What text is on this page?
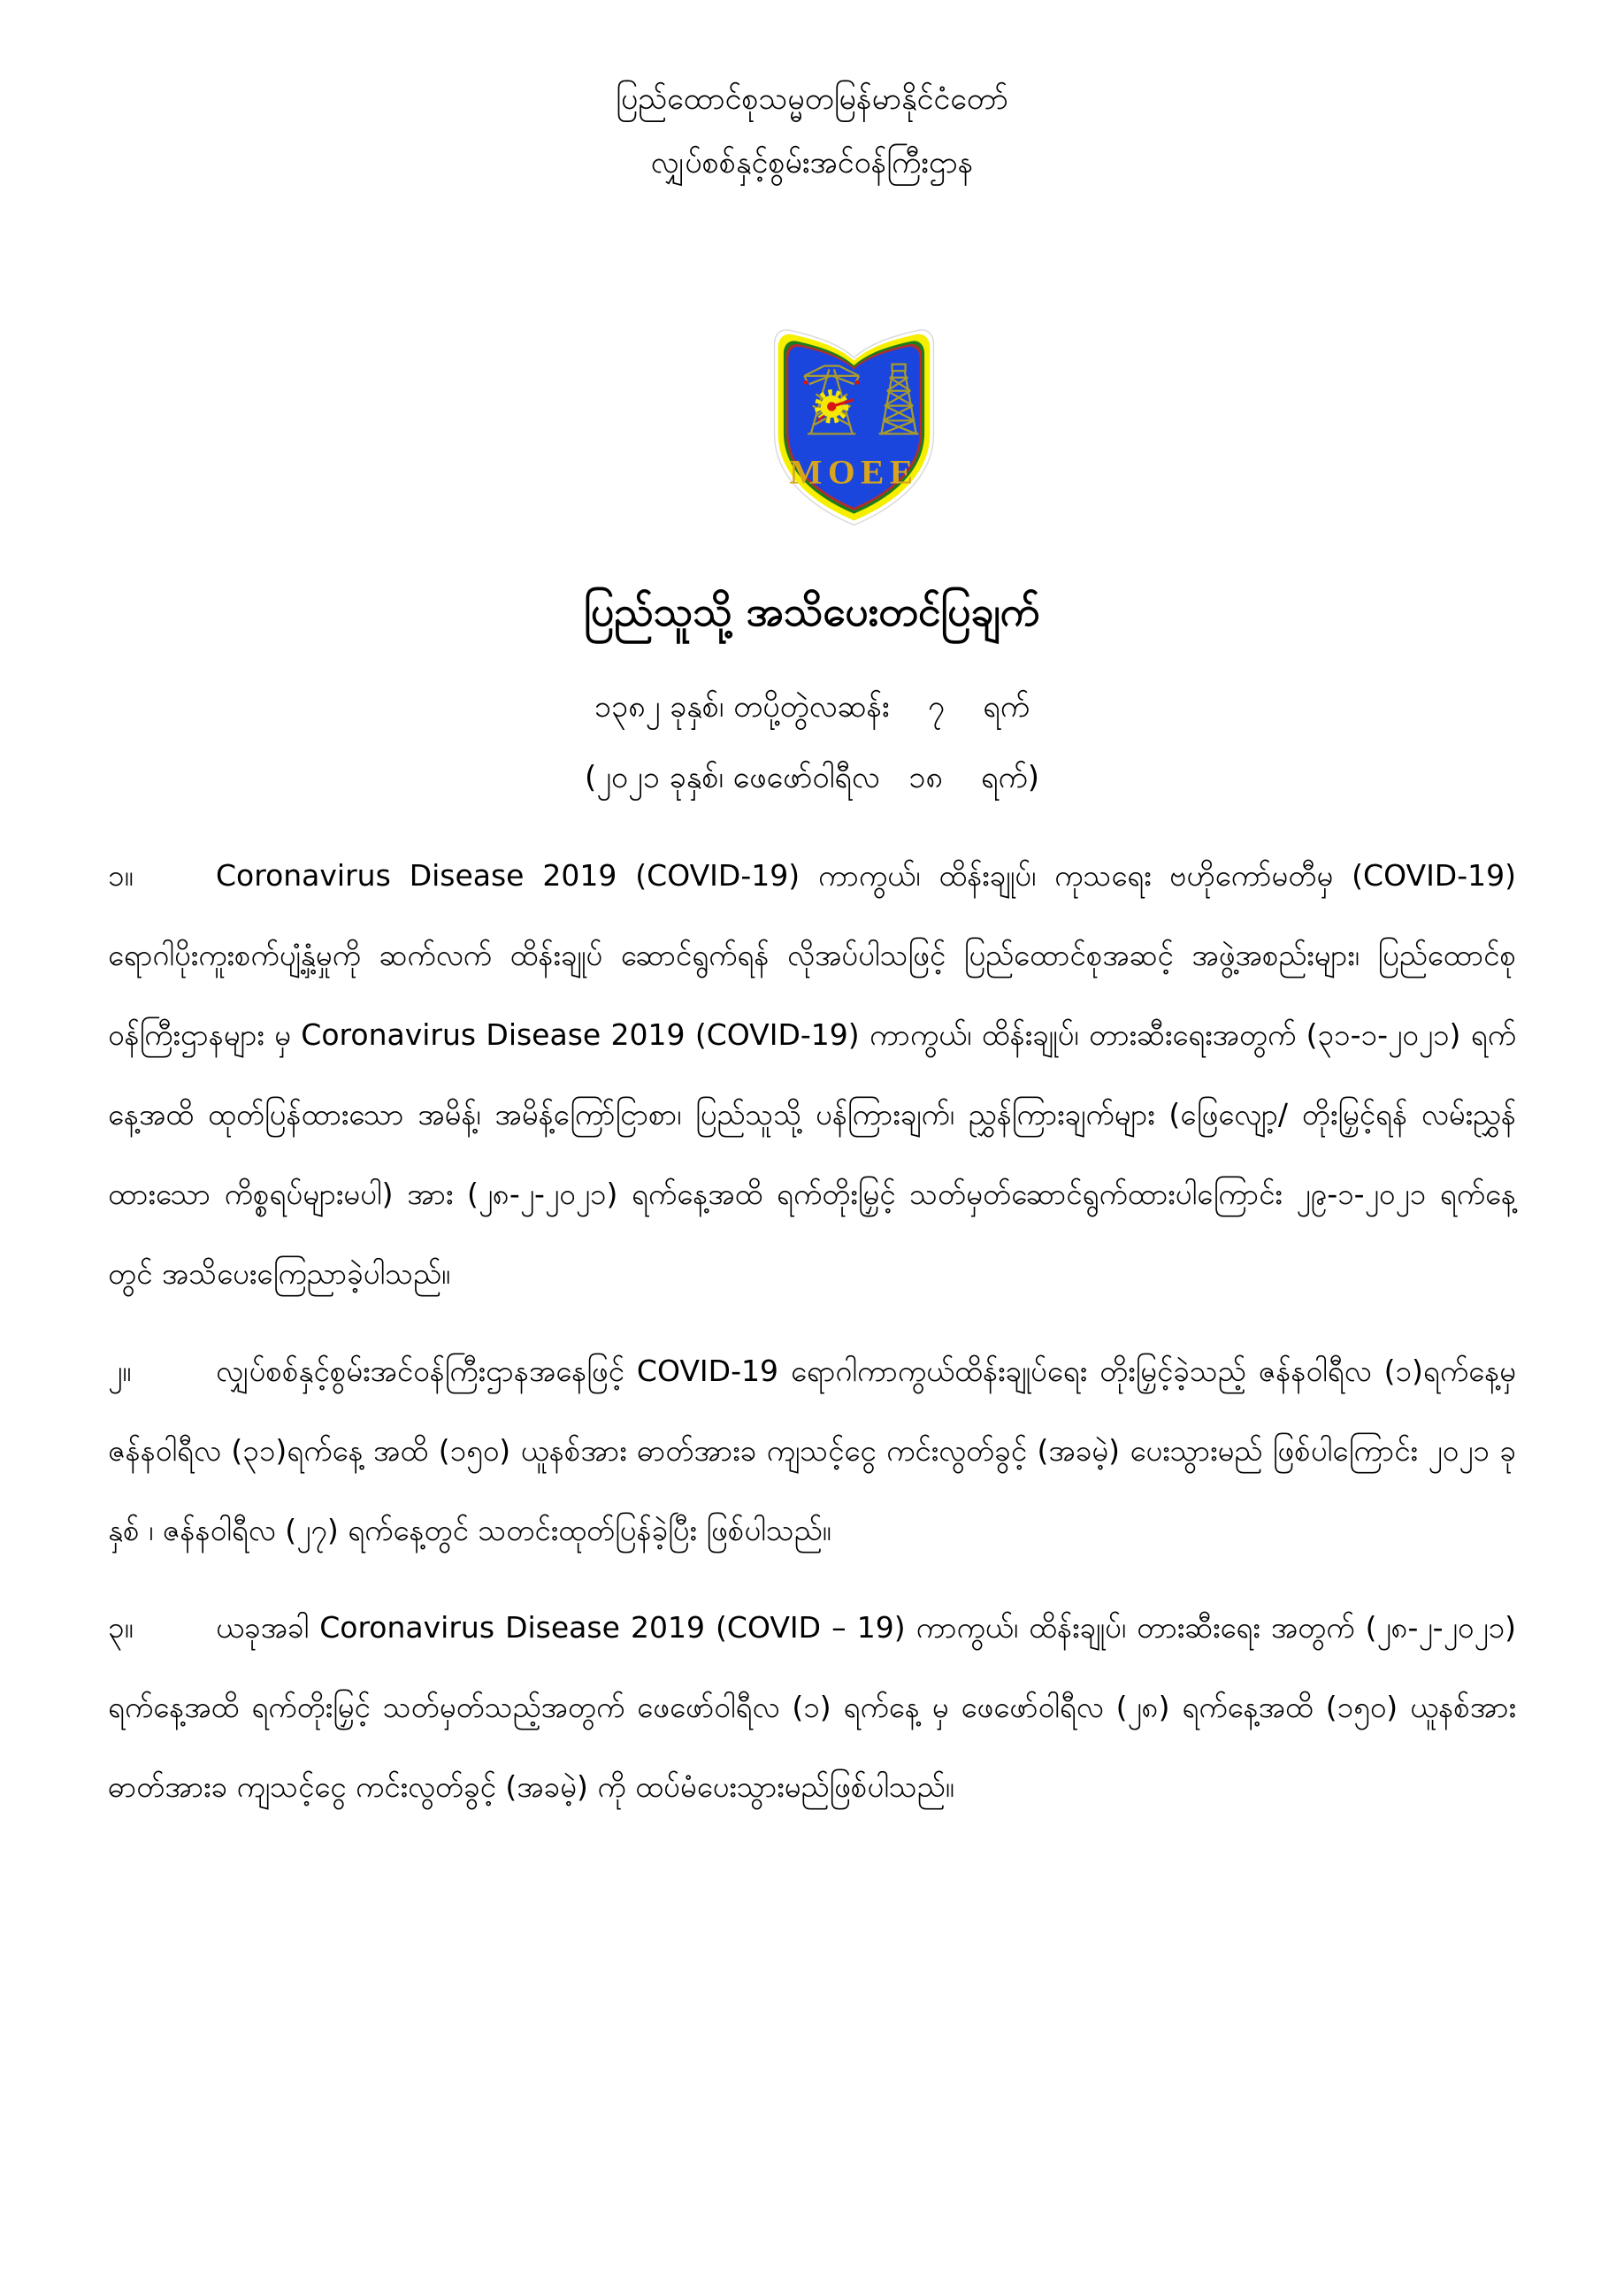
ပြည်ထောင်စုသမ္မတမြန်မာနိုင်ငံတော်
လျှပ်စစ်နှင့်စွမ်းအင်ဝန်ကြီးဌာန
MOEE
ပြည်သူသို့ အသိပေးတင်ပြချက်
၁၃၈၂ ခုနှစ်၊ တပို့တွဲလဆန်း    ၇    ရက်
(၂၀၂၁ ခုနှစ်၊ ဖေဖော်ဝါရီလ   ၁၈    ရက်)

၁။	Coronavirus Disease 2019 (COVID-19) ကာကွယ်၊ ထိန်းချုပ်၊ ကုသရေး ဗဟိုကော်မတီမှ (COVID-19) ရောဂါပိုးကူးစက်ပျံ့နှံ့မှုကို ဆက်လက် ထိန်းချုပ် ဆောင်ရွက်ရန် လိုအပ်ပါသဖြင့် ပြည်ထောင်စုအဆင့် အဖွဲ့အစည်းများ၊ ပြည်ထောင်စုဝန်ကြီးဌာနများ မှ Coronavirus Disease 2019 (COVID-19) ကာကွယ်၊ ထိန်းချုပ်၊ တားဆီးရေးအတွက် (၃၁-၁-၂၀၂၁) ရက်နေ့အထိ ထုတ်ပြန်ထားသော အမိန့်၊ အမိန့်ကြော်ငြာစာ၊ ပြည်သူသို့ ပန်ကြားချက်၊ ညွှန်ကြားချက်များ (ဖြေလျော့/ တိုးမြှင့်ရန် လမ်းညွှန်ထားသော ကိစ္စရပ်များမပါ) အား (၂၈-၂-၂၀၂၁) ရက်နေ့အထိ ရက်တိုးမြှင့် သတ်မှတ်ဆောင်ရွက်ထားပါကြောင်း ၂၉-၁-၂၀၂၁ ရက်နေ့တွင် အသိပေးကြေညာခဲ့ပါသည်။

၂။	လျှပ်စစ်နှင့်စွမ်းအင်ဝန်ကြီးဌာနအနေဖြင့် COVID-19 ရောဂါကာကွယ်ထိန်းချုပ်ရေး တိုးမြှင့်ခဲ့သည့် ဇန်နဝါရီလ (၁)ရက်နေ့မှ ဇန်နဝါရီလ (၃၁)ရက်နေ့ အထိ (၁၅၀) ယူနစ်အား ဓာတ်အားခ ကျသင့်ငွေ ကင်းလွတ်ခွင့် (အခမဲ့) ပေးသွားမည် ဖြစ်ပါကြောင်း ၂၀၂၁ ခုနှစ် ၊ ဇန်နဝါရီလ (၂၇) ရက်နေ့တွင် သတင်းထုတ်ပြန်ခဲ့ပြီး ဖြစ်ပါသည်။

၃။	ယခုအခါ Coronavirus Disease 2019 (COVID – 19) ကာကွယ်၊ ထိန်းချုပ်၊ တားဆီးရေး အတွက် (၂၈-၂-၂၀၂၁) ရက်နေ့အထိ ရက်တိုးမြှင့် သတ်မှတ်သည့်အတွက် ဖေဖော်ဝါရီလ (၁) ရက်နေ့ မှ ဖေဖော်ဝါရီလ (၂၈) ရက်နေ့အထိ (၁၅၀) ယူနစ်အား ဓာတ်အားခ ကျသင့်ငွေ ကင်းလွတ်ခွင့် (အခမဲ့) ကို ထပ်မံပေးသွားမည်ဖြစ်ပါသည်။
